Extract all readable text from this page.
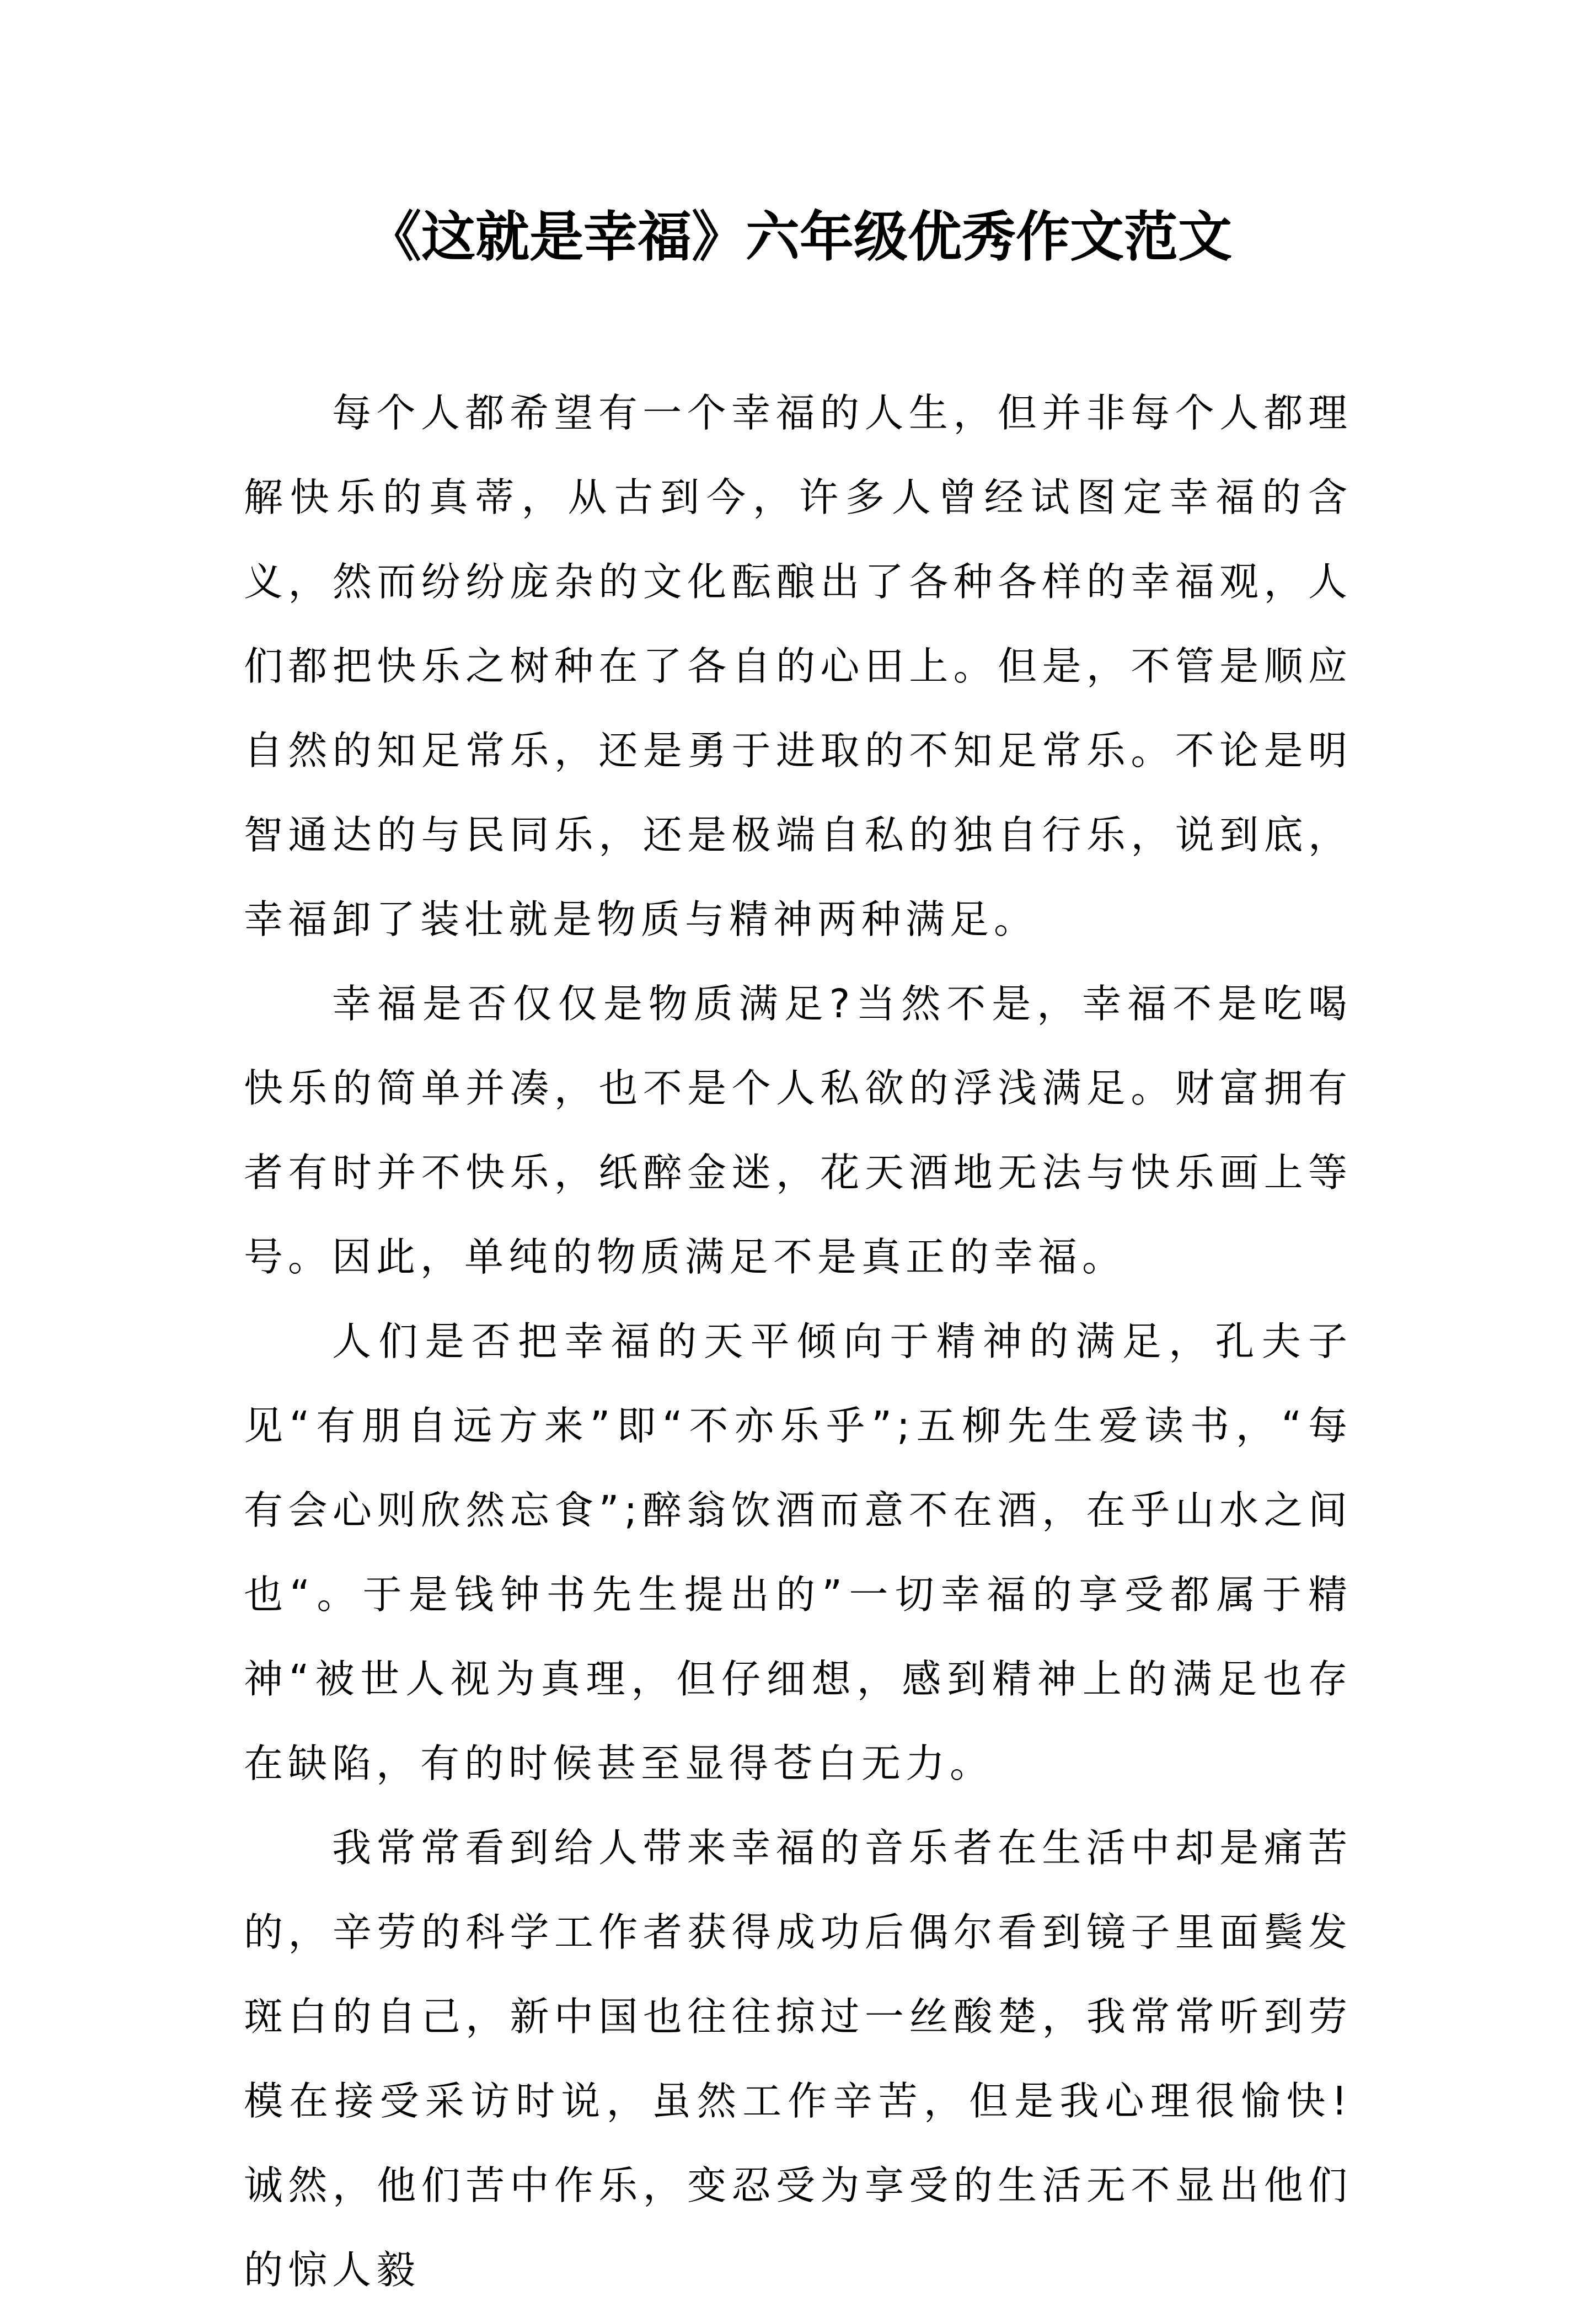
《这就是幸福》六年级优秀作文范文

每个人都希望有一个幸福的人生，但并非每个人都理解快乐的真蒂，从古到今，许多人曾经试图定幸福的含义，然而纷纷庞杂的文化酝酿出了各种各样的幸福观，人们都把快乐之树种在了各自的心田上。但是，不管是顺应自然的知足常乐，还是勇于进取的不知足常乐。不论是明智通达的与民同乐，还是极端自私的独自行乐，说到底，幸福卸了装壮就是物质与精神两种满足。

幸福是否仅仅是物质满足?当然不是，幸福不是吃喝快乐的简单并凑，也不是个人私欲的浮浅满足。财富拥有者有时并不快乐，纸醉金迷，花天酒地无法与快乐画上等号。因此，单纯的物质满足不是真正的幸福。

人们是否把幸福的天平倾向于精神的满足，孔夫子见“有朋自远方来”即“不亦乐乎”;五柳先生爱读书，“每有会心则欣然忘食”;醉翁饮酒而意不在酒，在乎山水之间也“。于是钱钟书先生提出的”一切幸福的享受都属于精神“被世人视为真理，但仔细想，感到精神上的满足也存在缺陷，有的时候甚至显得苍白无力。

我常常看到给人带来幸福的音乐者在生活中却是痛苦的，辛劳的科学工作者获得成功后偶尔看到镜子里面鬓发斑白的自己，新中国也往往掠过一丝酸楚，我常常听到劳模在接受采访时说，虽然工作辛苦，但是我心理很愉快!诚然，他们苦中作乐，变忍受为享受的生活无不显出他们的惊人毅
